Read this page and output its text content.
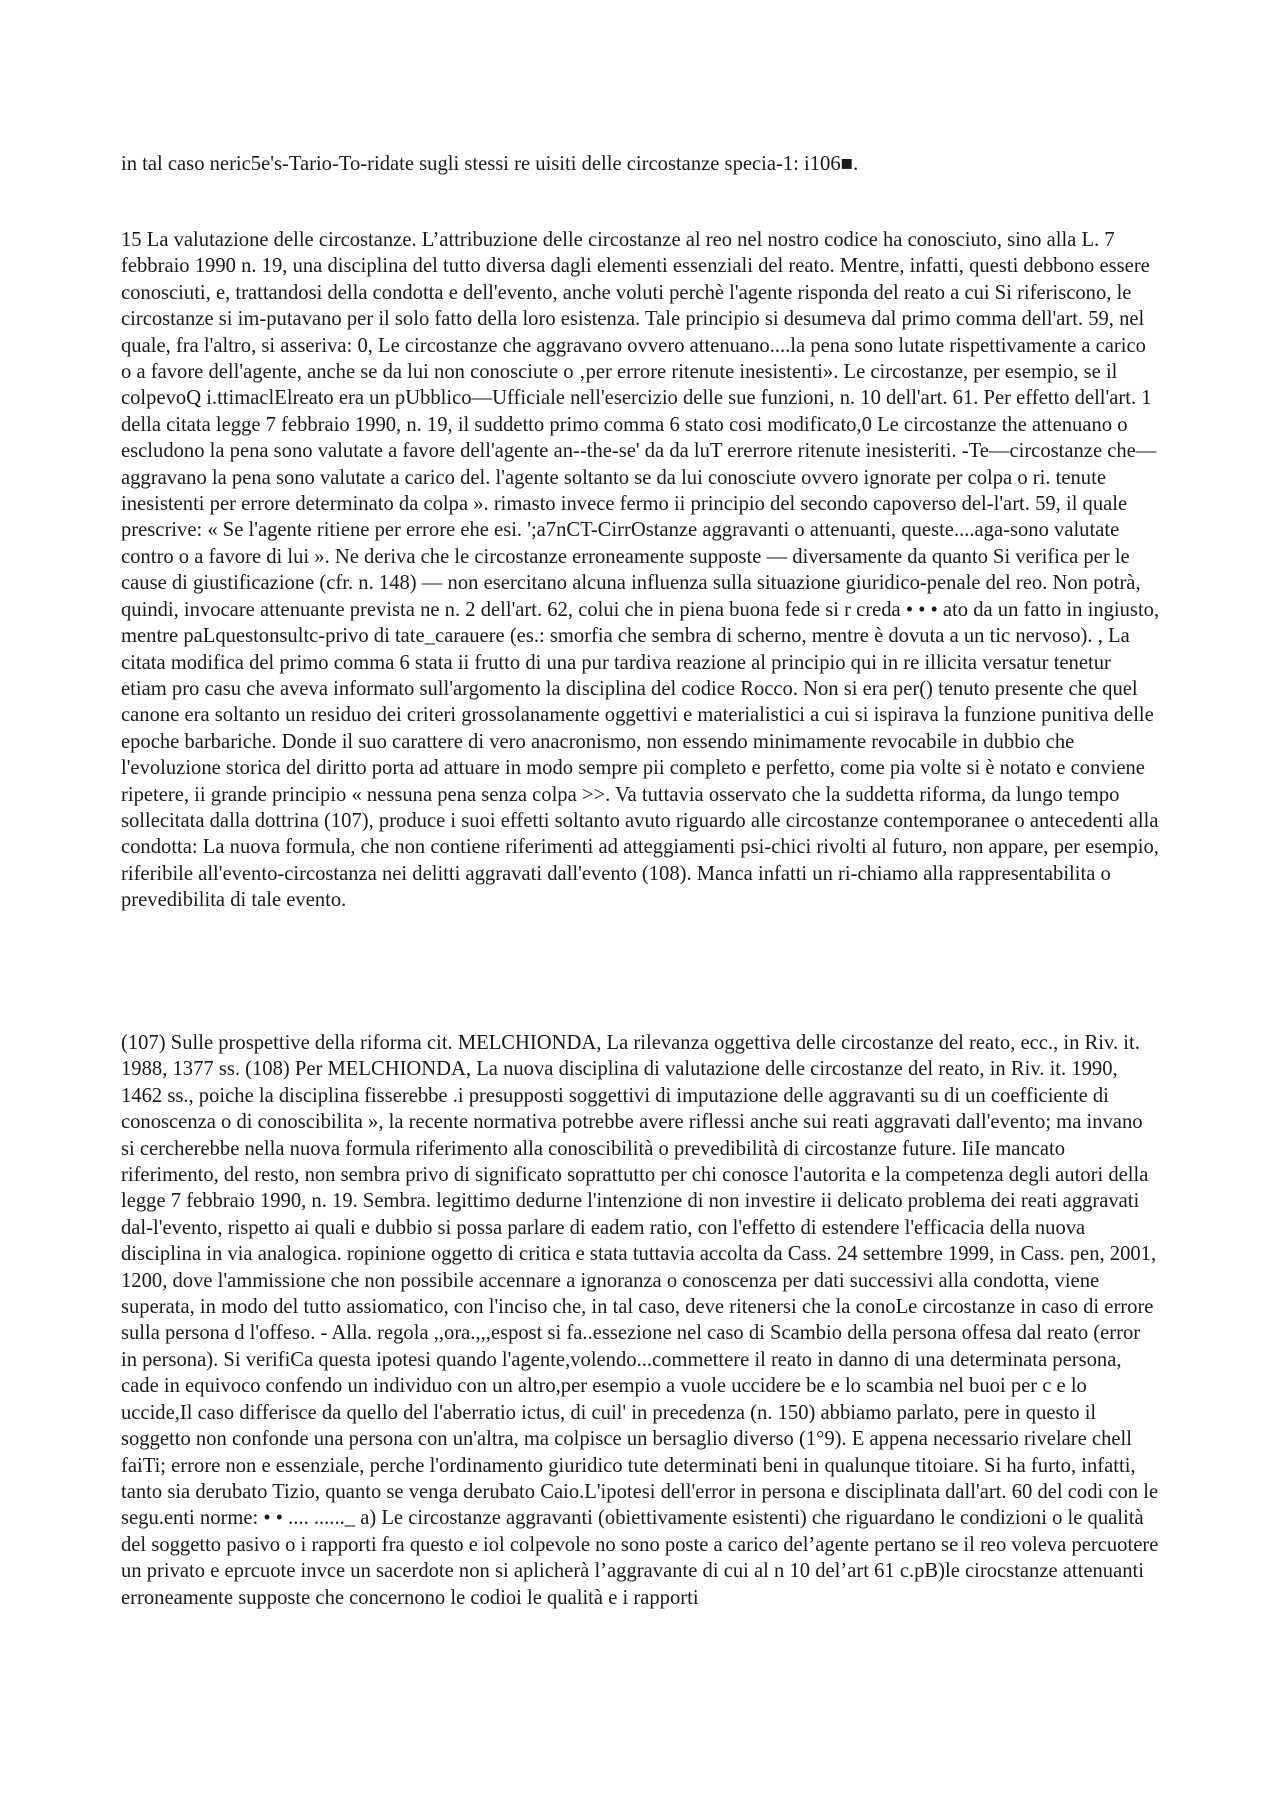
in tal caso neric5e's-Tario-To-ridate sugli stessi re uisiti delle circostanze specia-1: i106■.

15 La valutazione delle circostanze. L’attribuzione delle circostanze al reo nel nostro codice ha conosciuto, sino alla L. 7 febbraio 1990 n. 19, una disciplina del tutto diversa dagli elementi essenziali del reato. Mentre, infatti, questi debbono essere conosciuti, e, trattandosi della condotta e dell'evento, anche voluti perchè l'agente risponda del reato a cui Si riferiscono, le circostanze si im-putavano per il solo fatto della loro esistenza. Tale principio si desumeva dal primo comma dell'art. 59, nel quale, fra l'altro, si asseriva: 0, Le circostanze che aggravano ovvero attenuano....la pena sono lutate rispettivamente a carico o a favore dell'agente, anche se da lui non conosciute o ‚per errore ritenute inesistenti». Le circostanze, per esempio, se il colpevoQ i.ttimaclElreato era un pUbblico—Ufficiale nell'esercizio delle sue funzioni, n. 10 dell'art. 61. Per effetto dell'art. 1 della citata legge 7 febbraio 1990, n. 19, il suddetto primo comma 6 stato cosi modificato,0 Le circostanze the attenuano o escludono la pena sono valutate a favore dell'agente an--the-se' da da luT ererrore ritenute inesisteriti. -Te—circostanze che—aggravano la pena sono valutate a carico del. l'agente soltanto se da lui conosciute ovvero ignorate per colpa o ri. tenute inesistenti per errore determinato da colpa ». rimasto invece fermo ii principio del secondo capoverso del-l'art. 59, il quale prescrive: « Se l'agente ritiene per errore ehe esi. ';a7nCT-CirrOstanze aggravanti o attenuanti, queste....aga-sono valutate contro o a favore di lui ». Ne deriva che le circostanze erroneamente supposte — diversamente da quanto Si verifica per le cause di giustificazione (cfr. n. 148) — non esercitano alcuna influenza sulla situazione giuridico-penale del reo. Non potrà, quindi, invocare attenuante prevista ne n. 2 dell'art. 62, colui che in piena buona fede si r creda • • • ato da un fatto in ingiusto, mentre paLquestonsultc-privo di tate_carauere (es.: smorfia che sembra di scherno, mentre è dovuta a un tic nervoso). , La citata modifica del primo comma 6 stata ii frutto di una pur tardiva reazione al principio qui in re illicita versatur tenetur etiam pro casu che aveva informato sull'argomento la disciplina del codice Rocco. Non si era per() tenuto presente che quel canone era soltanto un residuo dei criteri grossolanamente oggettivi e materialistici a cui si ispirava la funzione punitiva delle epoche barbariche. Donde il suo carattere di vero anacronismo, non essendo minimamente revocabile in dubbio che l'evoluzione storica del diritto porta ad attuare in modo sempre pii completo e perfetto, come pia volte si è notato e conviene ripetere, ii grande principio « nessuna pena senza colpa >>. Va tuttavia osservato che la suddetta riforma, da lungo tempo sollecitata dalla dottrina (107), produce i suoi effetti soltanto avuto riguardo alle circostanze contemporanee o antecedenti alla condotta: La nuova formula, che non contiene riferimenti ad atteggiamenti psi-chici rivolti al futuro, non appare, per esempio, riferibile all'evento-circostanza nei delitti aggravati dall'evento (108). Manca infatti un ri-chiamo alla rappresentabilita o prevedibilita di tale evento.

(107) Sulle prospettive della riforma cit. MELCHIONDA, La rilevanza oggettiva delle circostanze del reato, ecc., in Riv. it. 1988, 1377 ss. (108) Per MELCHIONDA, La nuova disciplina di valutazione delle circostanze del reato, in Riv. it. 1990, 1462 ss., poiche la disciplina fisserebbe .i presupposti soggettivi di imputazione delle aggravanti su di un coefficiente di conoscenza o di conoscibilita », la recente normativa potrebbe avere riflessi anche sui reati aggravati dall'evento; ma invano si cercherebbe nella nuova formula riferimento alla conoscibilità o prevedibilità di circostanze future. IiIe mancato riferimento, del resto, non sembra privo di significato soprattutto per chi conosce l'autorita e la competenza degli autori della legge 7 febbraio 1990, n. 19. Sembra. legittimo dedurne l'intenzione di non investire ii delicato problema dei reati aggravati dal-l'evento, rispetto ai quali e dubbio si possa parlare di eadem ratio, con l'effetto di estendere l'efficacia della nuova disciplina in via analogica. ropinione oggetto di critica e stata tuttavia accolta da Cass. 24 settembre 1999, in Cass. pen, 2001, 1200, dove l'ammissione che non possibile accennare a ignoranza o conoscenza per dati successivi alla condotta, viene superata, in modo del tutto assiomatico, con l'inciso che, in tal caso, deve ritenersi che la conoLe circostanze in caso di errore sulla persona d l'offeso. - Alla. regola ,,ora.,,,espost si fa..essezione nel caso di Scambio della persona offesa dal reato (error in persona). Si verifiCa questa ipotesi quando l'agente,volendo...commettere il reato in danno di una determinata persona, cade in equivoco confendo un individuo con un altro,per esempio a vuole uccidere be e lo scambia nel buoi per c e lo uccide,Il caso differisce da quello del l'aberratio ictus, di cuil' in precedenza (n. 150) abbiamo parlato, pere in questo il soggetto non confonde una persona con un'altra, ma colpisce un bersaglio diverso (1°9). E appena necessario rivelare chell faiTi; errore non e essenziale, perche l'ordinamento giuridico tute determinati beni in qualunque titoiare. Si ha furto, infatti, tanto sia derubato Tizio, quanto se venga derubato Caio.L'ipotesi dell'error in persona e disciplinata dall'art. 60 del codi con le segu.enti norme: • • .... ......_ a) Le circostanze aggravanti (obiettivamente esistenti) che riguardano le condizioni o le qualità del soggetto pasivo o i rapporti fra questo e iol colpevole no sono poste a carico del’agente pertano se il reo voleva percuotere un privato e eprcuote invce un sacerdote non si aplicherà l’aggravante di cui al n 10 del’art 61 c.pB)le cirocstanze attenuanti erroneamente supposte che concernono le codioi le qualità e i rapporti
